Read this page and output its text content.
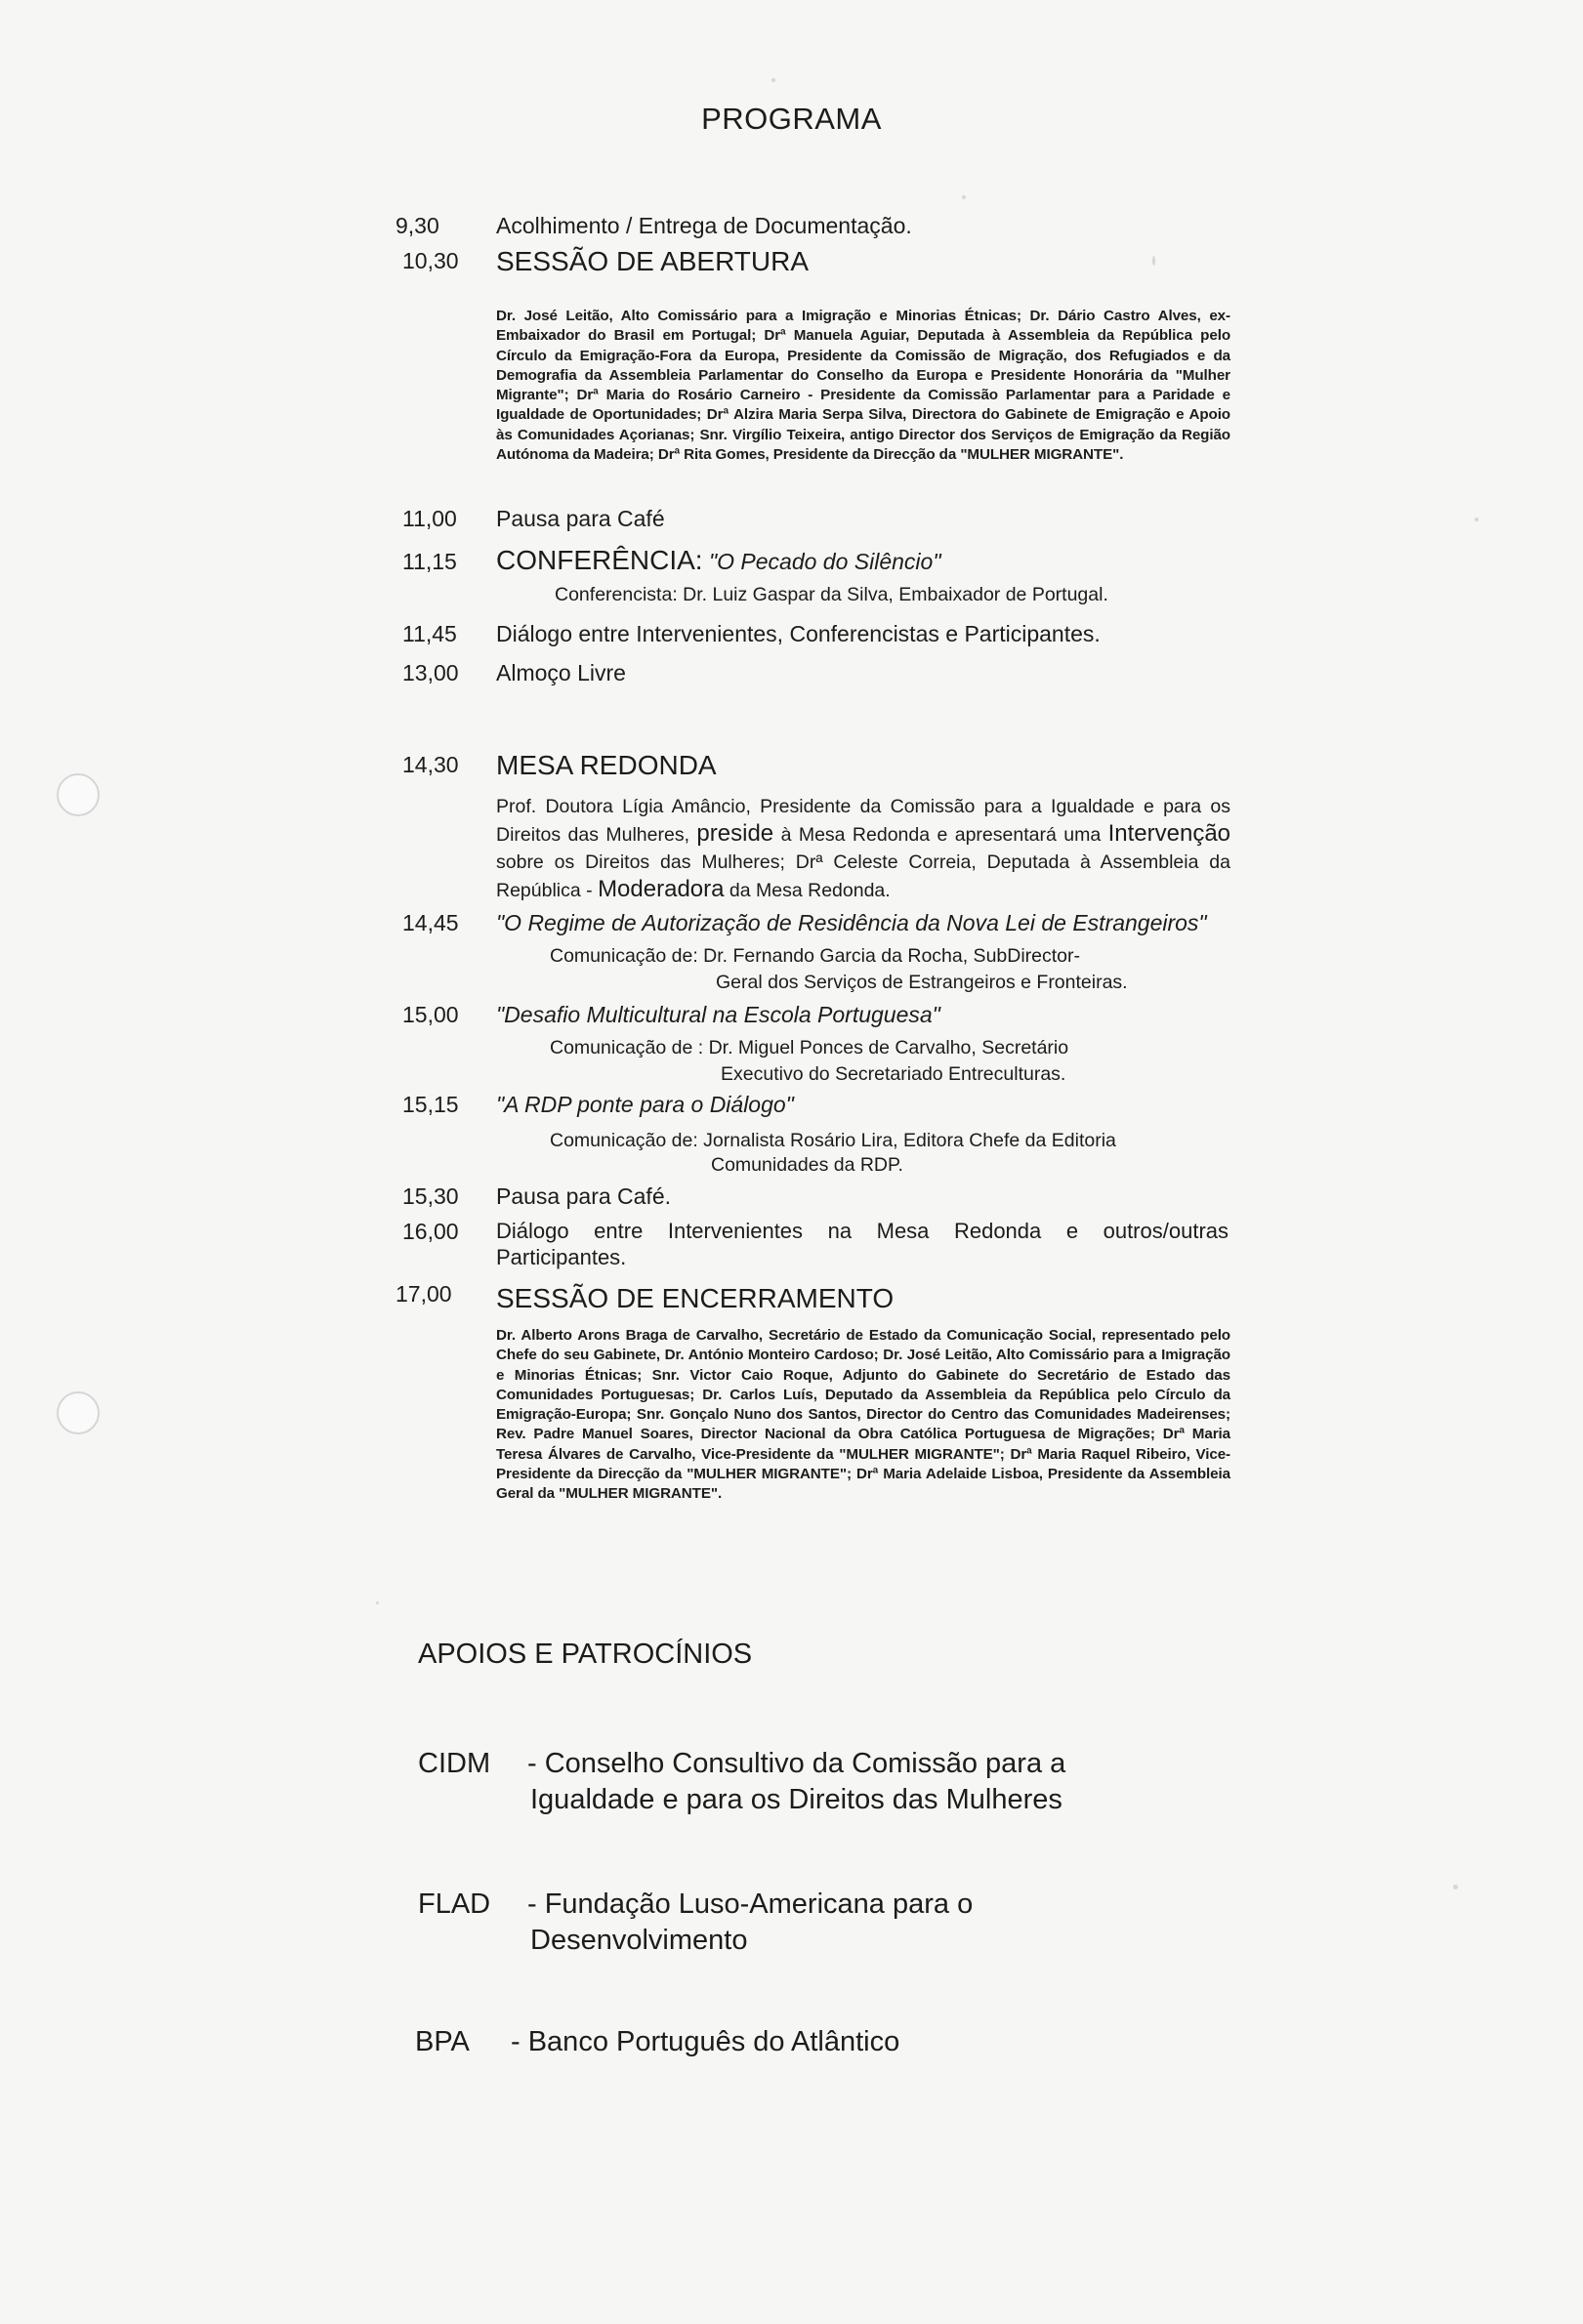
PROGRAMA
9,30	Acolhimento / Entrega de Documentação.
10,30	SESSÃO DE ABERTURA
Dr. José Leitão, Alto Comissário para a Imigração e Minorias Étnicas; Dr. Dário Castro Alves, ex-Embaixador do Brasil em Portugal; Drª Manuela Aguiar, Deputada à Assembleia da República pelo Círculo da Emigração-Fora da Europa, Presidente da Comissão de Migração, dos Refugiados e da Demografia da Assembleia Parlamentar do Conselho da Europa e Presidente Honorária da "Mulher Migrante"; Drª Maria do Rosário Carneiro - Presidente da Comissão Parlamentar para a Paridade e Igualdade de Oportunidades; Drª Alzira Maria Serpa Silva, Directora do Gabinete de Emigração e Apoio às Comunidades Açorianas; Snr. Virgílio Teixeira, antigo Director dos Serviços de Emigração da Região Autónoma da Madeira; Drª Rita Gomes, Presidente da Direcção da "MULHER MIGRANTE".
11,00	Pausa para Café
11,15	CONFERÊNCIA: "O Pecado do Silêncio"
Conferencista: Dr. Luiz Gaspar da Silva, Embaixador de Portugal.
11,45	Diálogo entre Intervenientes, Conferencistas e Participantes.
13,00	Almoço Livre
14,30	MESA REDONDA
Prof. Doutora Lígia Amâncio, Presidente da Comissão para a Igualdade e para os Direitos das Mulheres, preside à Mesa Redonda e apresentará uma Intervenção sobre os Direitos das Mulheres; Drª Celeste Correia, Deputada à Assembleia da República - Moderadora da Mesa Redonda.
14,45	"O Regime de Autorização de Residência da Nova Lei de Estrangeiros"
Comunicação de: Dr. Fernando Garcia da Rocha, SubDirector-
Geral dos Serviços de Estrangeiros e Fronteiras.
15,00	"Desafio Multicultural na Escola Portuguesa"
Comunicação de : Dr. Miguel Ponces de Carvalho, Secretário
Executivo do Secretariado Entreculturas.
15,15	"A RDP ponte para o Diálogo"
Comunicação de: Jornalista Rosário Lira, Editora Chefe da Editoria
Comunidades da RDP.
15,30	Pausa para Café.
16,00	Diálogo entre Intervenientes na Mesa Redonda e outros/outras
Participantes.
17,00	SESSÃO DE ENCERRAMENTO
Dr. Alberto Arons Braga de Carvalho, Secretário de Estado da Comunicação Social, representado pelo Chefe do seu Gabinete, Dr. António Monteiro Cardoso; Dr. José Leitão, Alto Comissário para a Imigração e Minorias Étnicas; Snr. Victor Caio Roque, Adjunto do Gabinete do Secretário de Estado das Comunidades Portuguesas; Dr. Carlos Luís, Deputado da Assembleia da República pelo Círculo da Emigração-Europa; Snr. Gonçalo Nuno dos Santos, Director do Centro das Comunidades Madeirenses; Rev. Padre Manuel Soares, Director Nacional da Obra Católica Portuguesa de Migrações; Drª Maria Teresa Álvares de Carvalho, Vice-Presidente da "MULHER MIGRANTE"; Drª Maria Raquel Ribeiro, Vice-Presidente da Direcção da "MULHER MIGRANTE"; Drª Maria Adelaide Lisboa, Presidente da Assembleia Geral da "MULHER MIGRANTE".
APOIOS E PATROCÍNIOS
CIDM - Conselho Consultivo da Comissão para a
Igualdade e para os Direitos das Mulheres
FLAD - Fundação Luso-Americana para o
Desenvolvimento
BPA - Banco Português do Atlântico
